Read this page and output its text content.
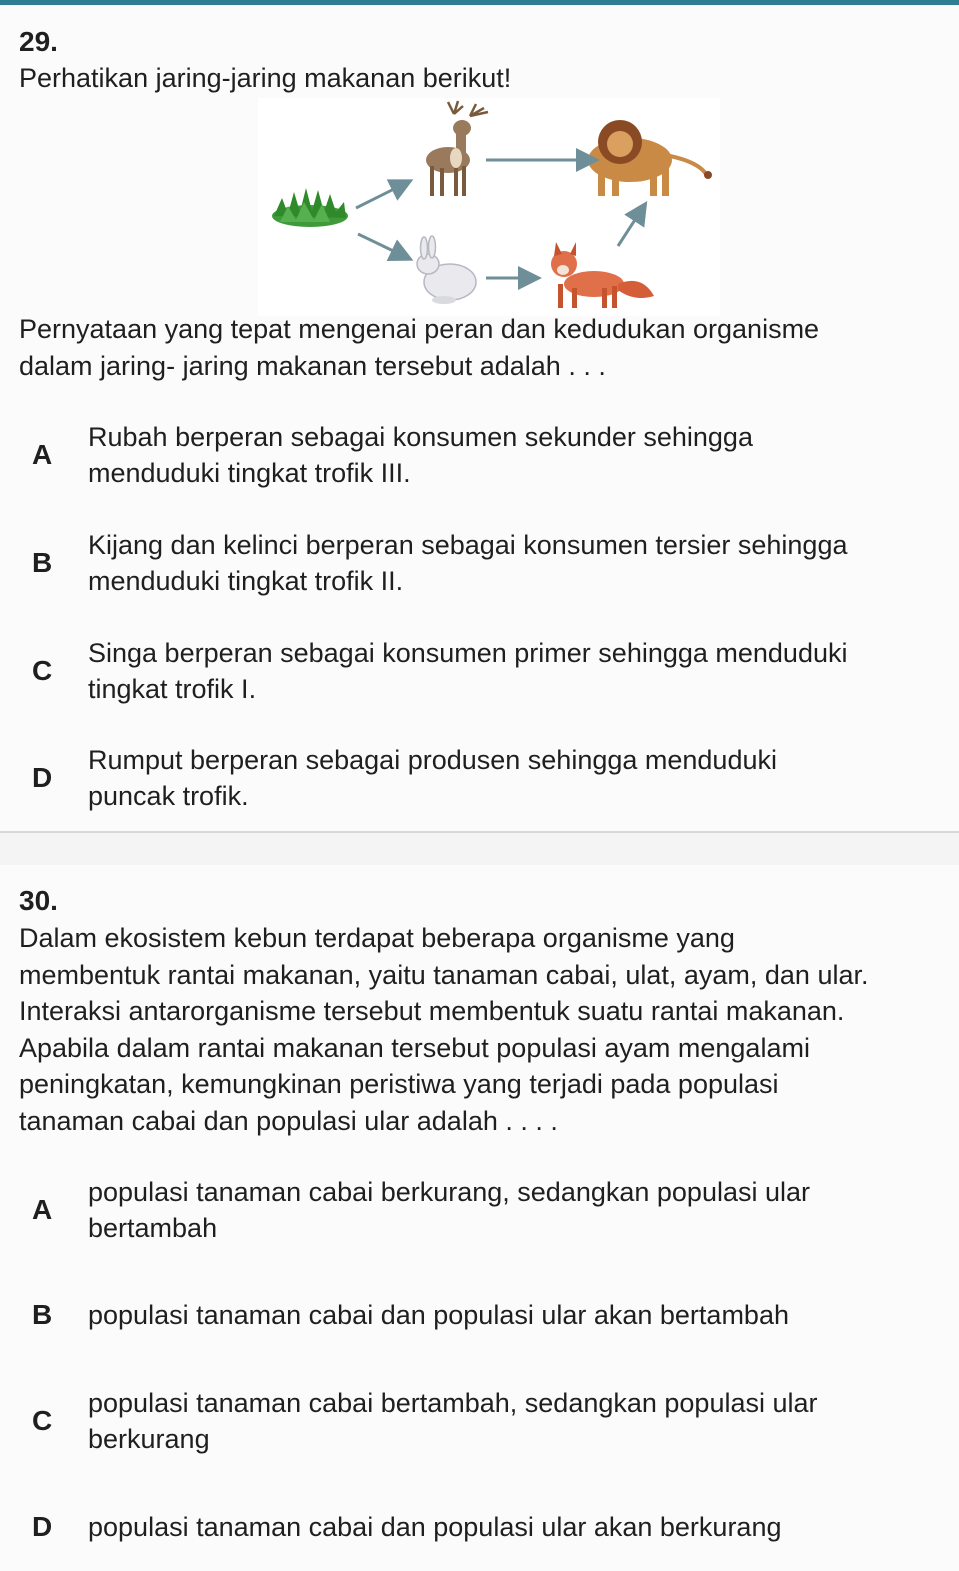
29.
Perhatikan jaring-jaring makanan berikut!
Pernyataan yang tepat mengenai peran dan kedudukan organisme
dalam jaring- jaring makanan tersebut adalah . . .
A
Rubah berperan sebagai konsumen sekunder sehingga
menduduki tingkat trofik III.
B
Kijang dan kelinci berperan sebagai konsumen tersier sehingga
menduduki tingkat trofik II.
C
Singa berperan sebagai konsumen primer sehingga menduduki
tingkat trofik I.
D
Rumput berperan sebagai produsen sehingga menduduki
puncak trofik.
30.
Dalam ekosistem kebun terdapat beberapa organisme yang
membentuk rantai makanan, yaitu tanaman cabai, ulat, ayam, dan ular.
Interaksi antarorganisme tersebut membentuk suatu rantai makanan.
Apabila dalam rantai makanan tersebut populasi ayam mengalami
peningkatan, kemungkinan peristiwa yang terjadi pada populasi
tanaman cabai dan populasi ular adalah . . . .
A
populasi tanaman cabai berkurang, sedangkan populasi ular
bertambah
B	populasi tanaman cabai dan populasi ular akan bertambah
C
populasi tanaman cabai bertambah, sedangkan populasi ular
berkurang
D	populasi tanaman cabai dan populasi ular akan berkurang
